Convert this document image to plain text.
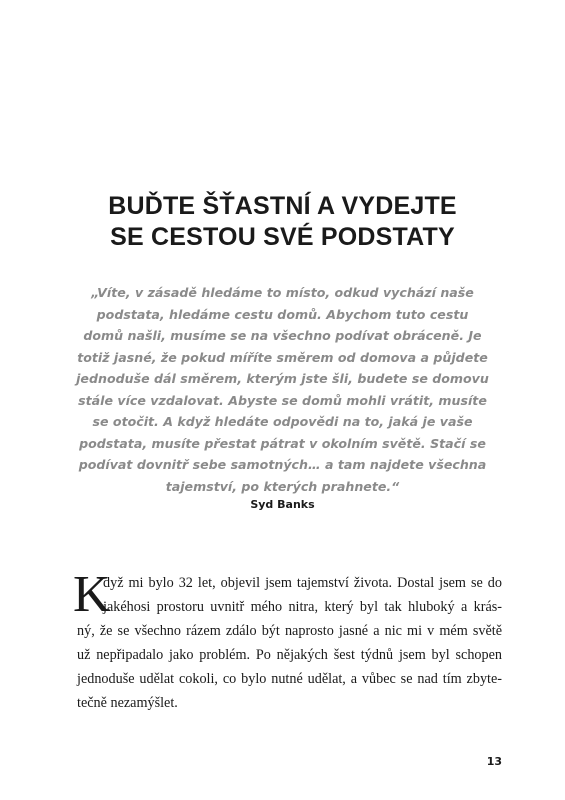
BUĎTE ŠŤASTNÍ A VYDEJTE
SE CESTOU SVÉ PODSTATY
„Víte, v zásadě hledáme to místo, odkud vychází naše
podstata, hledáme cestu domů. Abychom tuto cestu
domů našli, musíme se na všechno podívat obráceně. Je
totiž jasné, že pokud míříte směrem od domova a půjdete
jednoduše dál směrem, kterým jste šli, budete se domovu
stále více vzdalovat. Abyste se domů mohli vrátit, musíte
se otočit. A když hledáte odpovědi na to, jaká je vaše
podstata, musíte přestat pátrat v okolním světě. Stačí se
podívat dovnitř sebe samotných… a tam najdete všechna
tajemství, po kterých prahnete.“
Syd Banks
K
dyž mi bylo 32 let, objevil jsem tajemství života. Dostal jsem se do
jakéhosi prostoru uvnitř mého nitra, který byl tak hluboký a krás-
ný, že se všechno rázem zdálo být naprosto jasné a nic mi v mém světě
už nepřipadalo jako problém. Po nějakých šest týdnů jsem byl schopen
jednoduše udělat cokoli, co bylo nutné udělat, a vůbec se nad tím zbyte-
tečně nezamýšlet.
13
